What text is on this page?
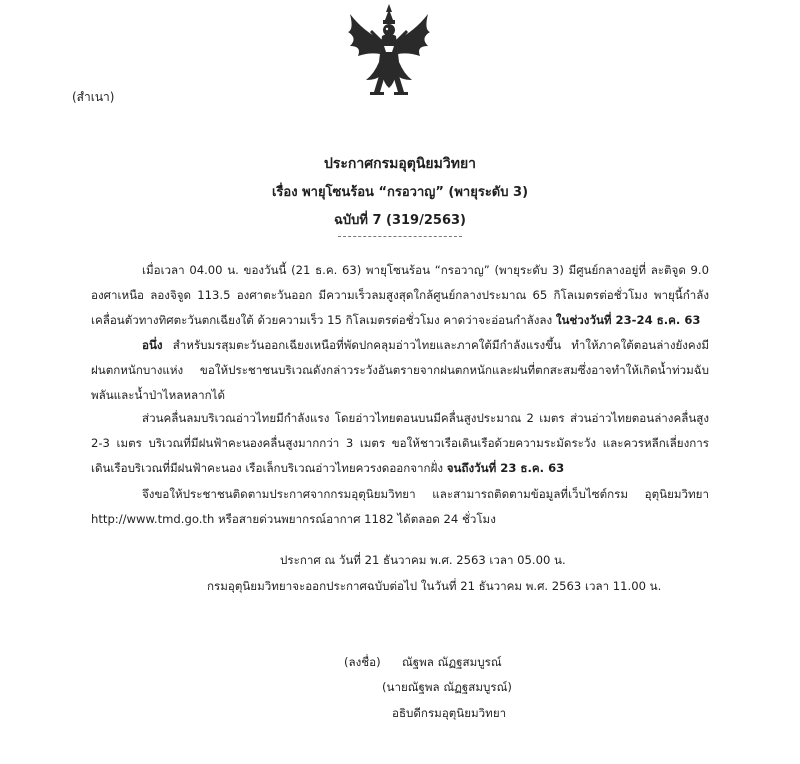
(สำเนา)
ประกาศกรมอุตุนิยมวิทยา
เรื่อง พายุโซนร้อน “กรอวาญ” (พายุระดับ 3)
ฉบับที่ 7 (319/2563)

เมื่อเวลา 04.00 น. ของวันนี้ (21 ธ.ค. 63) พายุโซนร้อน “กรอวาญ” (พายุระดับ 3) มีศูนย์กลางอยู่ที่ ละติจูด 9.0 องศาเหนือ ลองจิจูด 113.5 องศาตะวันออก มีความเร็วลมสูงสุดใกล้ศูนย์กลางประมาณ 65 กิโลเมตรต่อชั่วโมง พายุนี้กำลังเคลื่อนตัวทางทิศตะวันตกเฉียงใต้ ด้วยความเร็ว 15 กิโลเมตรต่อชั่วโมง คาดว่าจะอ่อนกำลังลง ในช่วงวันที่ 23-24 ธ.ค. 63

อนึ่ง สำหรับมรสุมตะวันออกเฉียงเหนือที่พัดปกคลุมอ่าวไทยและภาคใต้มีกำลังแรงขึ้น ทำให้ภาคใต้ตอนล่างยังคงมีฝนตกหนักบางแห่ง ขอให้ประชาชนบริเวณดังกล่าวระวังอันตรายจากฝนตกหนักและฝนที่ตกสะสมซึ่งอาจทำให้เกิดน้ำท่วมฉับพลันและน้ำป่าไหลหลากได้

ส่วนคลื่นลมบริเวณอ่าวไทยมีกำลังแรง โดยอ่าวไทยตอนบนมีคลื่นสูงประมาณ 2 เมตร ส่วนอ่าวไทยตอนล่างคลื่นสูง 2-3 เมตร บริเวณที่มีฝนฟ้าคะนองคลื่นสูงมากกว่า 3 เมตร ขอให้ชาวเรือเดินเรือด้วยความระมัดระวัง และควรหลีกเลี่ยงการเดินเรือบริเวณที่มีฝนฟ้าคะนอง เรือเล็กบริเวณอ่าวไทยควรงดออกจากฝั่ง จนถึงวันที่ 23 ธ.ค. 63

จึงขอให้ประชาชนติดตามประกาศจากกรมอุตุนิยมวิทยา และสามารถติดตามข้อมูลที่เว็บไซต์กรม อุตุนิยมวิทยา http://www.tmd.go.th หรือสายด่วนพยากรณ์อากาศ 1182 ได้ตลอด 24 ชั่วโมง

ประกาศ ณ วันที่ 21 ธันวาคม พ.ศ. 2563 เวลา 05.00 น.
กรมอุตุนิยมวิทยาจะออกประกาศฉบับต่อไป ในวันที่ 21 ธันวาคม พ.ศ. 2563 เวลา 11.00 น.
(ลงชื่อ) ณัฐพล ณัฏฐสมบูรณ์
(นายณัฐพล ณัฏฐสมบูรณ์)
อธิบดีกรมอุตุนิยมวิทยา
